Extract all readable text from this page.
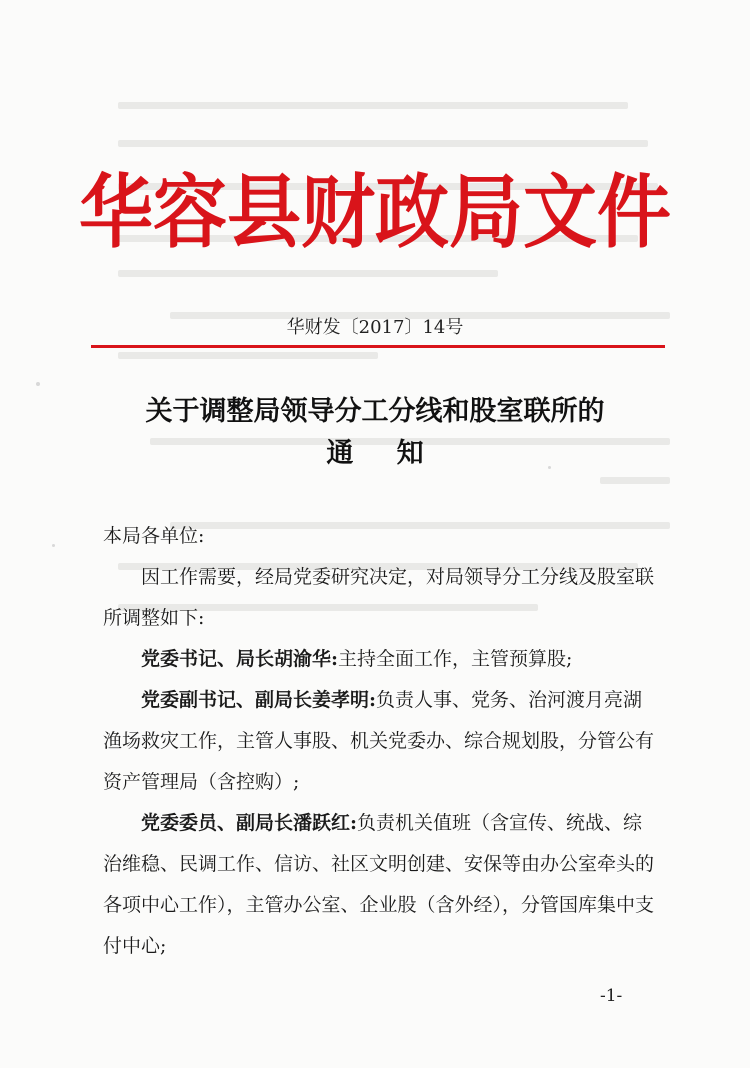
华容县财政局文件
华财发〔2017〕14号
关于调整局领导分工分线和股室联所的
通知

本局各单位:

因工作需要，经局党委研究决定，对局领导分工分线及股室联所调整如下:

党委书记、局长胡渝华:主持全面工作，主管预算股;

党委副书记、副局长姜孝明:负责人事、党务、治河渡月亮湖渔场救灾工作，主管人事股、机关党委办、综合规划股，分管公有资产管理局（含控购）;

党委委员、副局长潘跃红:负责机关值班（含宣传、统战、综治维稳、民调工作、信访、社区文明创建、安保等由办公室牵头的各项中心工作），主管办公室、企业股（含外经），分管国库集中支付中心;

-1-
